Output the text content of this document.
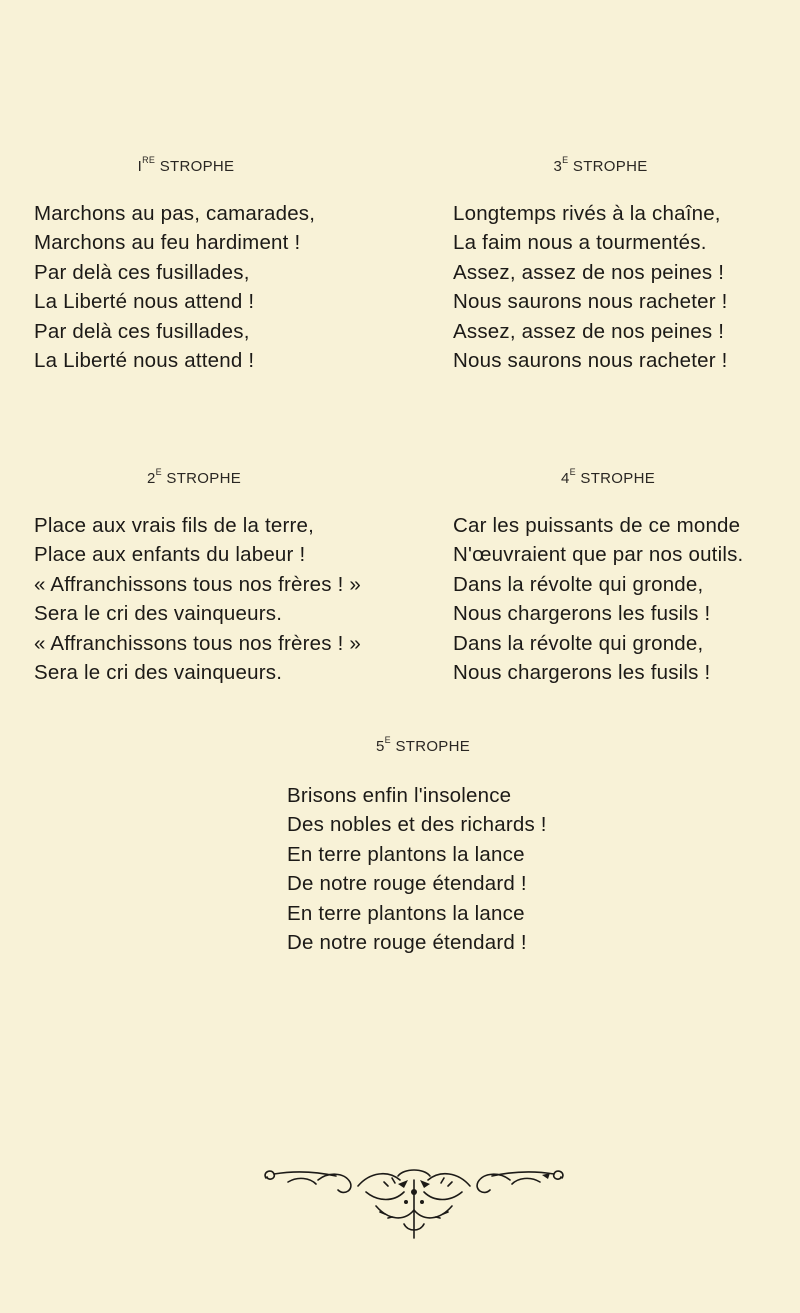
IRE STROPHE
Marchons au pas, camarades,
Marchons au feu hardiment !
Par delà ces fusillades,
La Liberté nous attend !
Par delà ces fusillades,
La Liberté nous attend !
$3^E$ STROPHE
Longtemps rivés à la chaîne,
La faim nous a tourmentés.
Assez, assez de nos peines !
Nous saurons nous racheter !
Assez, assez de nos peines !
Nous saurons nous racheter !
$2^E$ STROPHE
Place aux vrais fils de la terre,
Place aux enfants du labeur !
« Affranchissons tous nos frères ! »
Sera le cri des vainqueurs.
« Affranchissons tous nos frères ! »
Sera le cri des vainqueurs.
$4^E$ STROPHE
Car les puissants de ce monde
N'œuvraient que par nos outils.
Dans la révolte qui gronde,
Nous chargerons les fusils !
Dans la révolte qui gronde,
Nous chargerons les fusils !
$5^E$ STROPHE
Brisons enfin l'insolence
Des nobles et des richards !
En terre plantons la lance
De notre rouge étendard !
En terre plantons la lance
De notre rouge étendard !
